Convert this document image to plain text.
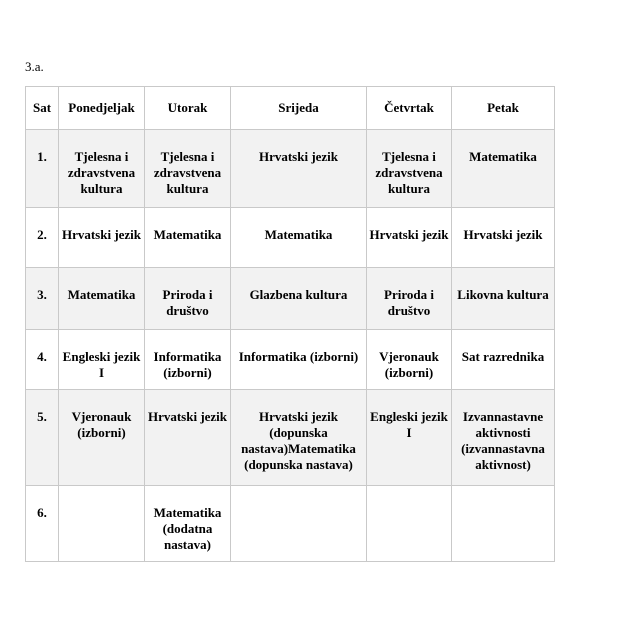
3.a.
Sat	Ponedjeljak	Utorak	Srijeda	Četvrtak	Petak
1.	Tjelesna i zdravstvena kultura	Tjelesna i zdravstvena kultura	Hrvatski jezik	Tjelesna i zdravstvena kultura	Matematika
2.	Hrvatski jezik	Matematika	Matematika	Hrvatski jezik	Hrvatski jezik
3.	Matematika	Priroda i društvo	Glazbena kultura	Priroda i društvo	Likovna kultura
4.	Engleski jezik I	Informatika (izborni)	Informatika (izborni)	Vjeronauk (izborni)	Sat razrednika
5.	Vjeronauk (izborni)	Hrvatski jezik	Hrvatski jezik (dopunska nastava)Matematika (dopunska nastava)	Engleski jezik I	Izvannastavne aktivnosti (izvannastavna aktivnost)
6.		Matematika (dodatna nastava)			
